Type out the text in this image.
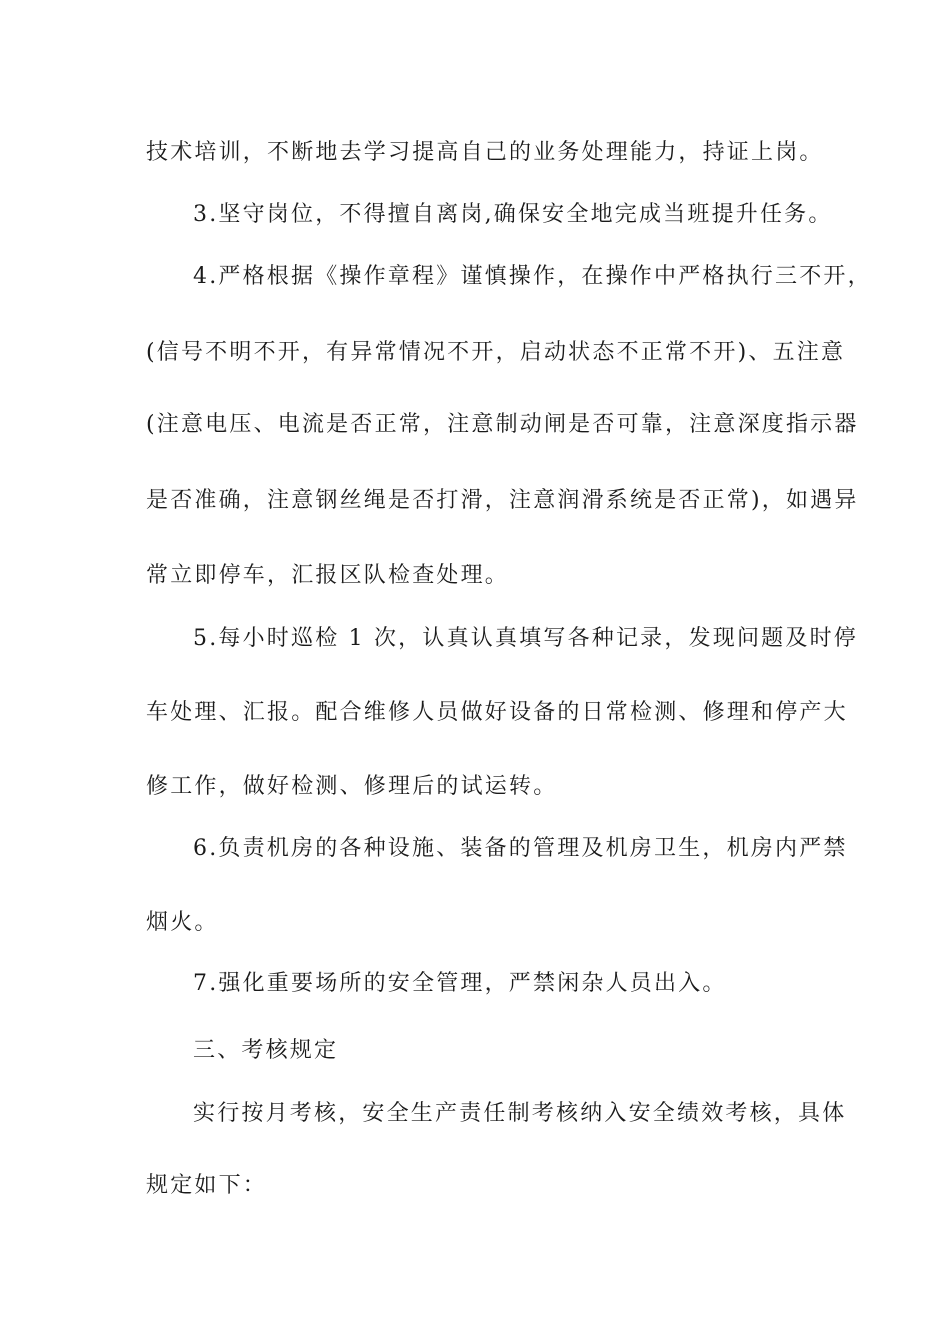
技术培训，不断地去学习提高自己的业务处理能力，持证上岗。
3.坚守岗位，不得擅自离岗,确保安全地完成当班提升任务。
4.严格根据《操作章程》谨慎操作，在操作中严格执行三不开，
(信号不明不开，有异常情况不开，启动状态不正常不开)、五注意
(注意电压、电流是否正常，注意制动闸是否可靠，注意深度指示器
是否准确，注意钢丝绳是否打滑，注意润滑系统是否正常)，如遇异
常立即停车，汇报区队检查处理。
5.每小时巡检 1 次，认真认真填写各种记录，发现问题及时停
车处理、汇报。配合维修人员做好设备的日常检测、修理和停产大
修工作，做好检测、修理后的试运转。
6.负责机房的各种设施、装备的管理及机房卫生，机房内严禁
烟火。
7.强化重要场所的安全管理，严禁闲杂人员出入。
三、考核规定
实行按月考核，安全生产责任制考核纳入安全绩效考核，具体
规定如下：
